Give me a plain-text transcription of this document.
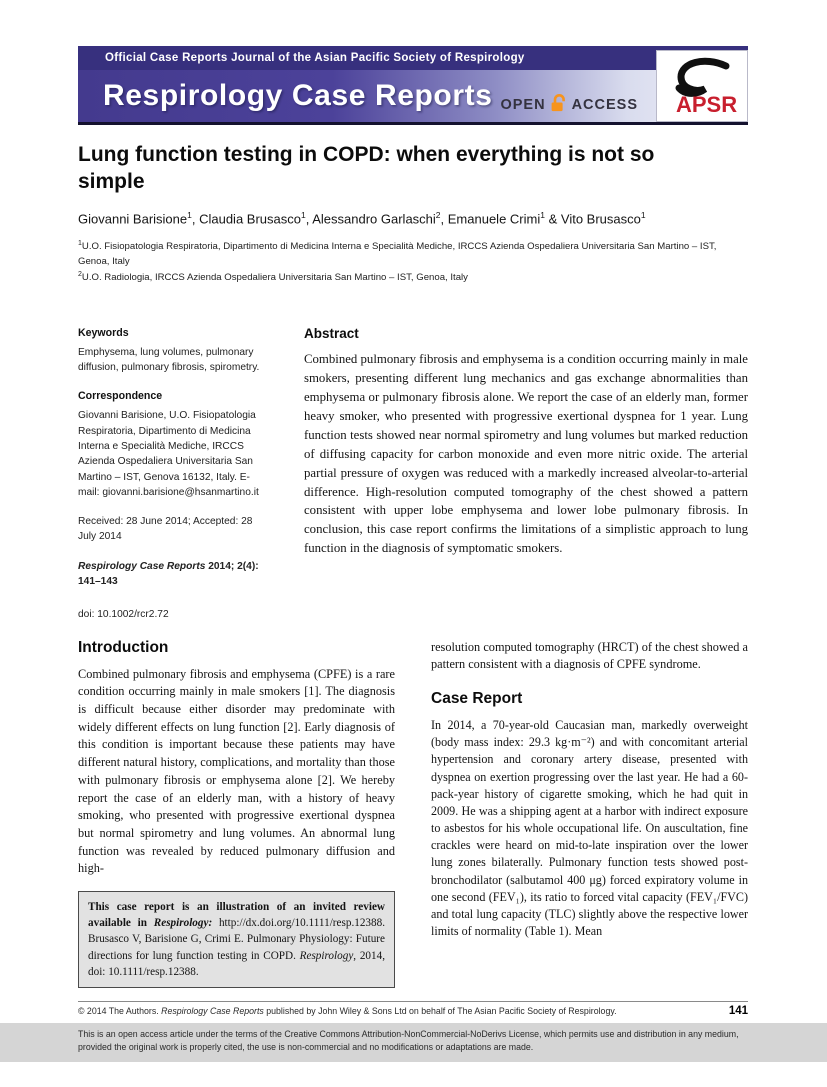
Official Case Reports Journal of the Asian Pacific Society of Respirology
Respirology Case Reports OPEN ACCESS APSR
Lung function testing in COPD: when everything is not so simple

Giovanni Barisione$^1$, Claudia Brusasco$^1$, Alessandro Garlaschi$^2$, Emanuele Crimi$^1$ & Vito Brusasco$^1$

$^1$U.O. Fisiopatologia Respiratoria, Dipartimento di Medicina Interna e Specialità Mediche, IRCCS Azienda Ospedaliera Universitaria San Martino – IST, Genoa, Italy
$^2$U.O. Radiologia, IRCCS Azienda Ospedaliera Universitaria San Martino – IST, Genoa, Italy
Keywords

Emphysema, lung volumes, pulmonary diffusion, pulmonary fibrosis, spirometry.

Correspondence

Giovanni Barisione, U.O. Fisiopatologia Respiratoria, Dipartimento di Medicina Interna e Specialità Mediche, IRCCS Azienda Ospedaliera Universitaria San Martino – IST, Genova 16132, Italy. E-mail: giovanni.barisione@hsanmartino.it

Received: 28 June 2014; Accepted: 28 July 2014

Respirology Case Reports 2014; 2(4): 141–143

doi: 10.1002/rcr2.72

Abstract

Combined pulmonary fibrosis and emphysema is a condition occurring mainly in male smokers, presenting different lung mechanics and gas exchange abnormalities than emphysema or pulmonary fibrosis alone. We report the case of an elderly man, former heavy smoker, who presented with progressive exertional dyspnea for 1 year. Lung function tests showed near normal spirometry and lung volumes but marked reduction of diffusing capacity for carbon monoxide and even more nitric oxide. The arterial partial pressure of oxygen was reduced with a markedly increased alveolar-to-arterial difference. High-resolution computed tomography of the chest showed a pattern consistent with upper lobe emphysema and lower lobe pulmonary fibrosis. In conclusion, this case report confirms the limitations of a simplistic approach to lung function in the diagnosis of symptomatic smokers.

Introduction

Combined pulmonary fibrosis and emphysema (CPFE) is a rare condition occurring mainly in male smokers [1]. The diagnosis is difficult because either disorder may predominate with widely different effects on lung function [2]. Early diagnosis of this condition is important because these patients may have different natural history, complications, and mortality than those with pulmonary fibrosis or emphysema alone [2]. We hereby report the case of an elderly man, with a history of heavy smoking, who presented with progressive exertional dyspnea but normal spirometry and lung volumes. An abnormal lung function was revealed by reduced pulmonary diffusion and high-

This case report is an illustration of an invited review available in Respirology: http://dx.doi.org/10.1111/resp.12388. Brusasco V, Barisione G, Crimi E. Pulmonary Physiology: Future directions for lung function testing in COPD. Respirology, 2014, doi: 10.1111/resp.12388.

resolution computed tomography (HRCT) of the chest showed a pattern consistent with a diagnosis of CPFE syndrome.

Case Report

In 2014, a 70-year-old Caucasian man, markedly overweight (body mass index: 29.3 kg·m⁻²) and with concomitant arterial hypertension and coronary artery disease, presented with dyspnea on exertion progressing over the last year. He had a 60-pack-year history of cigarette smoking, which he had quit in 2009. He was a shipping agent at a harbor with indirect exposure to asbestos for his whole occupational life. On auscultation, fine crackles were heard on mid-to-late inspiration over the lower lung zones bilaterally. Pulmonary function tests showed post-bronchodilator (salbutamol 400 μg) forced expiratory volume in one second (FEV₁), its ratio to forced vital capacity (FEV₁/FVC) and total lung capacity (TLC) slightly above the respective lower limits of normality (Table 1). Mean

© 2014 The Authors. Respirology Case Reports published by John Wiley & Sons Ltd on behalf of The Asian Pacific Society of Respirology.	141

This is an open access article under the terms of the Creative Commons Attribution-NonCommercial-NoDerivs License, which permits use and distribution in any medium, provided the original work is properly cited, the use is non-commercial and no modifications or adaptations are made.
